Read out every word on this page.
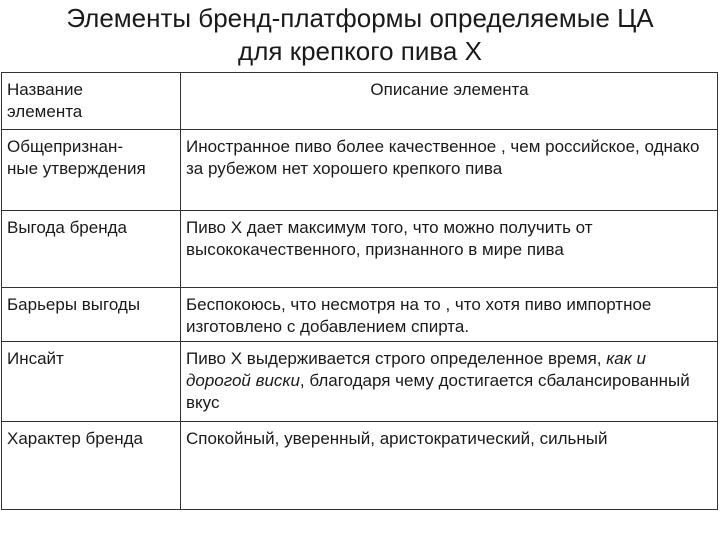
Элементы бренд-платформы определяемые ЦА
для крепкого пива Х
Название элемента	Описание элемента

Общепризнан-
ные утверждения	Иностранное пиво более качественное , чем российское, однако за рубежом нет хорошего крепкого пива
Выгода бренда	Пиво Х дает максимум того, что можно получить от высококачественного, признанного в мире пива
Барьеры выгоды	Беспокоюсь, что несмотря на то , что хотя пиво импортное изготовлено с добавлением спирта.
Инсайт	Пиво Х выдерживается строго определенное время, как и дорогой виски, благодаря чему достигается сбалансированный вкус
Характер бренда	Спокойный, уверенный, аристократический, сильный
